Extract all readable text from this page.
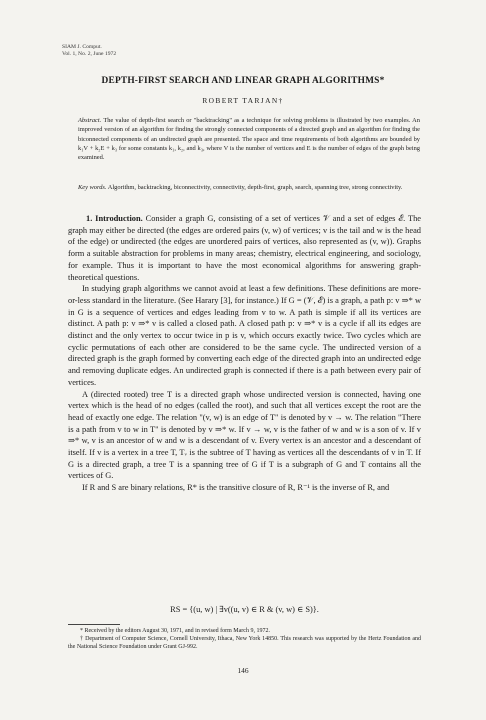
SIAM J. Comput.
Vol. 1, No. 2, June 1972
DEPTH-FIRST SEARCH AND LINEAR GRAPH ALGORITHMS*
ROBERT TARJAN†

Abstract. The value of depth-first search or "backtracking" as a technique for solving problems is illustrated by two examples. An improved version of an algorithm for finding the strongly connected components of a directed graph and an algorithm for finding the biconnected components of an undirected graph are presented. The space and time requirements of both algorithms are bounded by k₁V + k₂E + k₃ for some constants k₁, k₂, and k₃, where V is the number of vertices and E is the number of edges of the graph being examined.

Key words. Algorithm, backtracking, biconnectivity, connectivity, depth-first, graph, search, spanning tree, strong connectivity.

1. Introduction. Consider a graph G, consisting of a set of vertices 𝒱 and a set of edges ℰ. The graph may either be directed (the edges are ordered pairs (v, w) of vertices; v is the tail and w is the head of the edge) or undirected (the edges are unordered pairs of vertices, also represented as (v, w)). Graphs form a suitable abstraction for problems in many areas; chemistry, electrical engineering, and sociology, for example. Thus it is important to have the most economical algorithms for answering graph-theoretical questions.

In studying graph algorithms we cannot avoid at least a few definitions. These definitions are more-or-less standard in the literature. (See Harary [3], for instance.) If G = (𝒱, ℰ) is a graph, a path p: v ⇒* w in G is a sequence of vertices and edges leading from v to w. A path is simple if all its vertices are distinct. A path p: v ⇒* v is called a closed path. A closed path p: v ⇒* v is a cycle if all its edges are distinct and the only vertex to occur twice in p is v, which occurs exactly twice. Two cycles which are cyclic permutations of each other are considered to be the same cycle. The undirected version of a directed graph is the graph formed by converting each edge of the directed graph into an undirected edge and removing duplicate edges. An undirected graph is connected if there is a path between every pair of vertices.

A (directed rooted) tree T is a directed graph whose undirected version is connected, having one vertex which is the head of no edges (called the root), and such that all vertices except the root are the head of exactly one edge. The relation "(v, w) is an edge of T" is denoted by v → w. The relation "There is a path from v to w in T" is denoted by v ⇒* w. If v → w, v is the father of w and w is a son of v. If v ⇒* w, v is an ancestor of w and w is a descendant of v. Every vertex is an ancestor and a descendant of itself. If v is a vertex in a tree T, Tᵥ is the subtree of T having as vertices all the descendants of v in T. If G is a directed graph, a tree T is a spanning tree of G if T is a subgraph of G and T contains all the vertices of G.

If R and S are binary relations, R* is the transitive closure of R, R⁻¹ is the inverse of R, and

RS = {(u, w) | ∃v((u, v) ∈ R & (v, w) ∈ S)}.

* Received by the editors August 30, 1971, and in revised form March 9, 1972.

† Department of Computer Science, Cornell University, Ithaca, New York 14850. This research was supported by the Hertz Foundation and the National Science Foundation under Grant GJ-992.

146
